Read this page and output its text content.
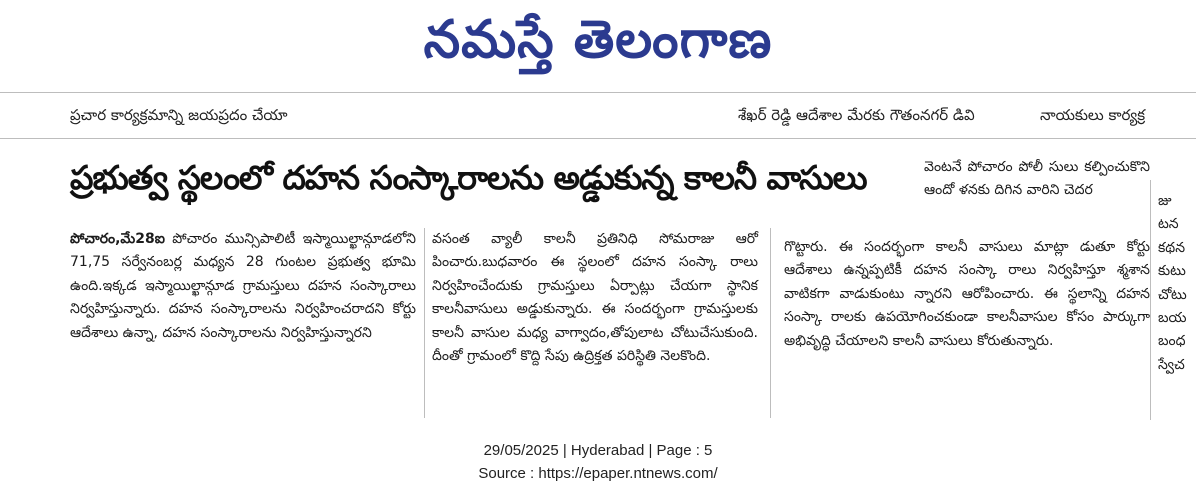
నమస్తే తెలంగాణ
ప్రచార కార్యక్రమాన్ని జయప్రదం చేయా	శేఖర్ రెడ్డి ఆదేశాల మేరకు గౌతంనగర్ డివి	నాయకులు కార్యక్ర
ప్రభుత్వ స్థలంలో దహన సంస్కారాలను అడ్డుకున్న కాలనీ వాసులు

పోచారం,మే28ఐ పోచారం మున్సిపాలిటీ ఇస్మాయిల్ఖాన్గూడలోని 71,75 సర్వేనంబర్ల మధ్యన 28 గుంటల ప్రభుత్వ భూమి ఉంది.ఇక్కడ ఇస్మాయిల్ఖాన్గూడ గ్రామస్తులు దహన సంస్కారాలు నిర్వహిస్తున్నారు. దహన సంస్కారాలను నిర్వహించరాదని కోర్టు ఆదేశాలు ఉన్నా, దహన సంస్కారాలను నిర్వహిస్తున్నారని

వసంత వ్యాలీ కాలనీ ప్రతినిధి సోమరాజు ఆరో పించారు.బుధవారం ఈ స్థలంలో దహన సంస్కా రాలు నిర్వహించేందుకు గ్రామస్తులు ఏర్పాట్లు చేయగా స్థానిక కాలనీవాసులు అడ్డుకున్నారు. ఈ సందర్భంగా గ్రామస్తులకు కాలనీ వాసుల మధ్య వాగ్వాదం,తోపులాట చోటుచేసుకుంది. దీంతో గ్రామంలో కొద్ది సేపు ఉద్రిక్తత పరిస్థితి నెలకొంది.

వెంటనే పోచారం పోలీ సులు కల్పించుకొని ఆందో ళనకు దిగిన వారిని చెదర

గొట్టారు. ఈ సందర్భంగా కాలనీ వాసులు మాట్లా డుతూ కోర్టు ఆదేశాలు ఉన్నప్పటికీ దహన సంస్కా రాలు నిర్వహిస్తూ శ్మశాన వాటికగా వాడుకుంటు న్నారని ఆరోపించారు. ఈ స్థలాన్ని దహన సంస్కా రాలకు ఉపయోగించకుండా కాలనీవాసుల కోసం పార్కుగా అభివృద్ధి చేయాలని కాలనీ వాసులు కోరుతున్నారు.

జు
టన
కథన
కుటు
చోటు
బయ
బంధ
స్వేచ
29/05/2025 | Hyderabad | Page : 5
Source : https://epaper.ntnews.com/
